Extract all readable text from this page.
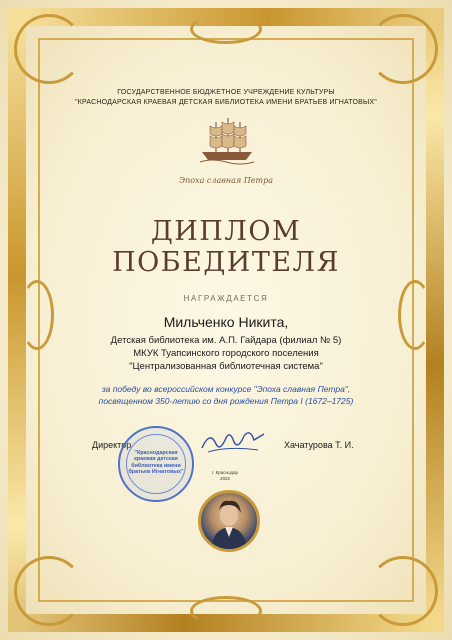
ГОСУДАРСТВЕННОЕ БЮДЖЕТНОЕ УЧРЕЖДЕНИЕ КУЛЬТУРЫ
"КРАСНОДАРСКАЯ КРАЕВАЯ ДЕТСКАЯ БИБЛИОТЕКА ИМЕНИ БРАТЬЕВ ИГНАТОВЫХ"
Эпоха славная Петра
ДИПЛОМ
ПОБЕДИТЕЛЯ
НАГРАЖДАЕТСЯ
Мильченко Никита,
Детская библиотека им. А.П. Гайдара (филиал № 5)
МКУК Туапсинского городского поселения
"Централизованная библиотечная система"
за победу во всероссийском конкурсе "Эпоха славная Петра",
посвященном 350-летию со дня рождения Петра I (1672–1725)
Директор
"Краснодарская краевая детская библиотека имени братьев Игнатовых"
Хачатурова Т. И.
г. Краснодар
2022
